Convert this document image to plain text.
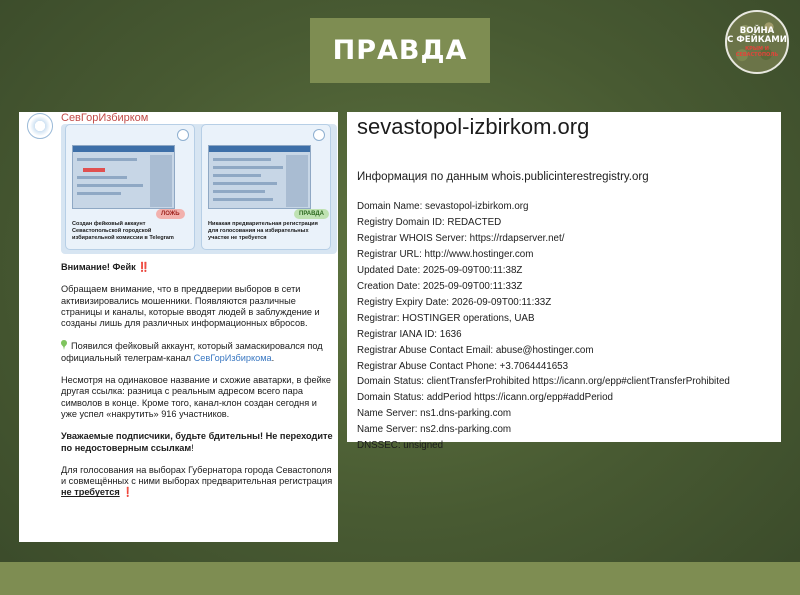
ПРАВДА
ВОЙНА
С ФЕЙКАМИ
КРЫМ И СЕВАСТОПОЛЬ
СевГорИзбирком
ЛОЖЬ
Создан фейковый аккаунт Севастопольской городской избирательной комиссии в Telegram
ПРАВДА
Никакая предварительная регистрация для голосования на избирательных участке не требуется

Внимание! Фейк ‼️

Обращаем внимание, что в преддверии выборов в сети активизировались мошенники. Появляются различные страницы и каналы, которые вводят людей в заблуждение и созданы лишь для различных информационных вбросов.

Появился фейковый аккаунт, который замаскировался под официальный телеграм-канал СевГорИзбиркома.

Несмотря на одинаковое название и схожие аватарки, в фейке другая ссылка: разница с реальным адресом всего пара символов в конце. Кроме того, канал-клон создан сегодня и уже успел «накрутить» 916 участников.

Уважаемые подписчики, будьте бдительны! Не переходите по недостоверным ссылкам!

Для голосования на выборах Губернатора города Севастополя и совмещённых с ними выборах предварительная регистрация не требуется ❗

sevastopol-izbirkom.org
Информация по данным whois.publicinterestregistry.org
Domain Name: sevastopol-izbirkom.org
Registry Domain ID: REDACTED
Registrar WHOIS Server: https://rdapserver.net/
Registrar URL: http://www.hostinger.com
Updated Date: 2025-09-09T00:11:38Z
Creation Date: 2025-09-09T00:11:33Z
Registry Expiry Date: 2026-09-09T00:11:33Z
Registrar: HOSTINGER operations, UAB
Registrar IANA ID: 1636
Registrar Abuse Contact Email: abuse@hostinger.com
Registrar Abuse Contact Phone: +3.7064441653
Domain Status: clientTransferProhibited https://icann.org/epp#clientTransferProhibited
Domain Status: addPeriod https://icann.org/epp#addPeriod
Name Server: ns1.dns-parking.com
Name Server: ns2.dns-parking.com
DNSSEC: unsigned
